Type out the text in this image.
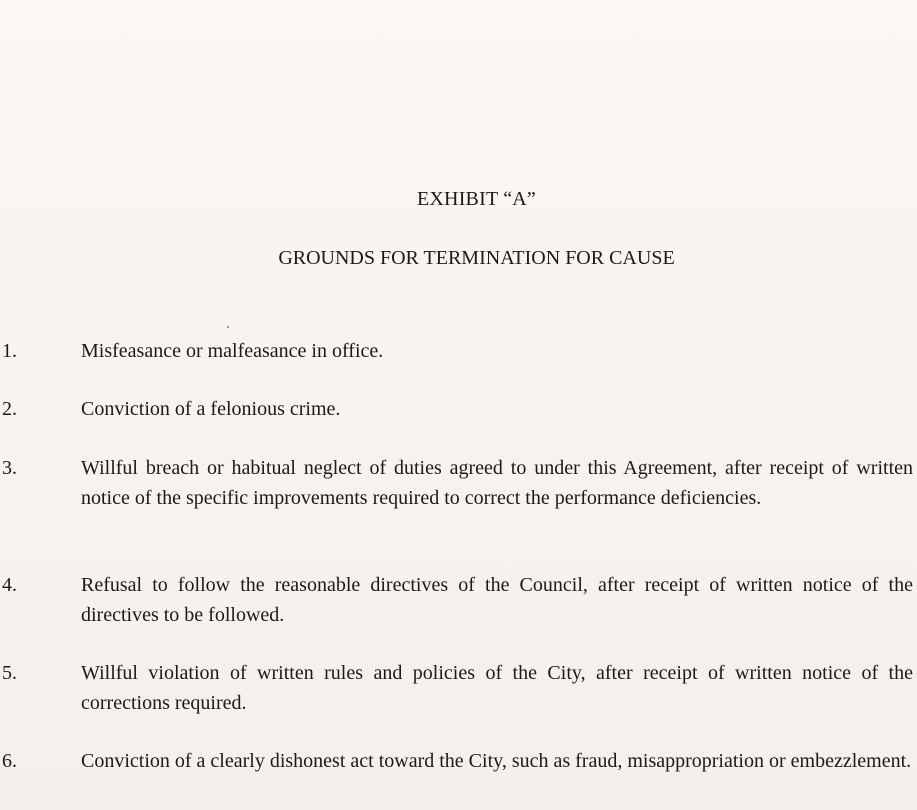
EXHIBIT “A”
GROUNDS FOR TERMINATION FOR CAUSE
1.	Misfeasance or malfeasance in office.
2.	Conviction of a felonious crime.
3.	Willful breach or habitual neglect of duties agreed to under this Agreement, after receipt of written notice of the specific improvements required to correct the performance deficiencies.
4.	Refusal to follow the reasonable directives of the Council, after receipt of written notice of the directives to be followed.
5.	Willful violation of written rules and policies of the City, after receipt of written notice of the corrections required.
6.	Conviction of a clearly dishonest act toward the City, such as fraud, misappropriation or embezzlement.
